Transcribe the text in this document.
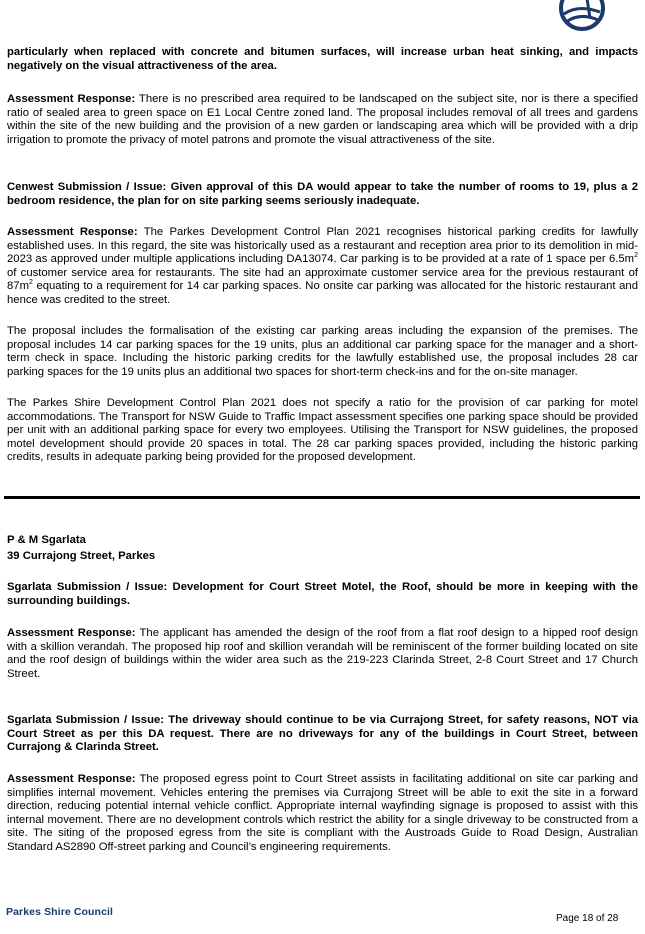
particularly when replaced with concrete and bitumen surfaces, will increase urban heat sinking, and impacts negatively on the visual attractiveness of the area.

Assessment Response: There is no prescribed area required to be landscaped on the subject site, nor is there a specified ratio of sealed area to green space on E1 Local Centre zoned land. The proposal includes removal of all trees and gardens within the site of the new building and the provision of a new garden or landscaping area which will be provided with a drip irrigation to promote the privacy of motel patrons and promote the visual attractiveness of the site.

Cenwest Submission / Issue: Given approval of this DA would appear to take the number of rooms to 19, plus a 2 bedroom residence, the plan for on site parking seems seriously inadequate.

Assessment Response: The Parkes Development Control Plan 2021 recognises historical parking credits for lawfully established uses. In this regard, the site was historically used as a restaurant and reception area prior to its demolition in mid-2023 as approved under multiple applications including DA13074. Car parking is to be provided at a rate of 1 space per $6.5m^2$ of customer service area for restaurants. The site had an approximate customer service area for the previous restaurant of $87m^2$ equating to a requirement for 14 car parking spaces. No onsite car parking was allocated for the historic restaurant and hence was credited to the street.

The proposal includes the formalisation of the existing car parking areas including the expansion of the premises. The proposal includes 14 car parking spaces for the 19 units, plus an additional car parking space for the manager and a short-term check in space. Including the historic parking credits for the lawfully established use, the proposal includes 28 car parking spaces for the 19 units plus an additional two spaces for short-term check-ins and for the on-site manager.

The Parkes Shire Development Control Plan 2021 does not specify a ratio for the provision of car parking for motel accommodations. The Transport for NSW Guide to Traffic Impact assessment specifies one parking space should be provided per unit with an additional parking space for every two employees. Utilising the Transport for NSW guidelines, the proposed motel development should provide 20 spaces in total. The 28 car parking spaces provided, including the historic parking credits, results in adequate parking being provided for the proposed development.

P & M Sgarlata

39 Currajong Street, Parkes

Sgarlata Submission / Issue: Development for Court Street Motel, the Roof, should be more in keeping with the surrounding buildings.

Assessment Response: The applicant has amended the design of the roof from a flat roof design to a hipped roof design with a skillion verandah. The proposed hip roof and skillion verandah will be reminiscent of the former building located on site and the roof design of buildings within the wider area such as the 219-223 Clarinda Street, 2-8 Court Street and 17 Church Street.

Sgarlata Submission / Issue: The driveway should continue to be via Currajong Street, for safety reasons, NOT via Court Street as per this DA request. There are no driveways for any of the buildings in Court Street, between Currajong & Clarinda Street.

Assessment Response: The proposed egress point to Court Street assists in facilitating additional on site car parking and simplifies internal movement. Vehicles entering the premises via Currajong Street will be able to exit the site in a forward direction, reducing potential internal vehicle conflict. Appropriate internal wayfinding signage is proposed to assist with this internal movement. There are no development controls which restrict the ability for a single driveway to be constructed from a site. The siting of the proposed egress from the site is compliant with the Austroads Guide to Road Design, Australian Standard AS2890 Off-street parking and Council’s engineering requirements.

Parkes Shire Council
Page 18 of 28
